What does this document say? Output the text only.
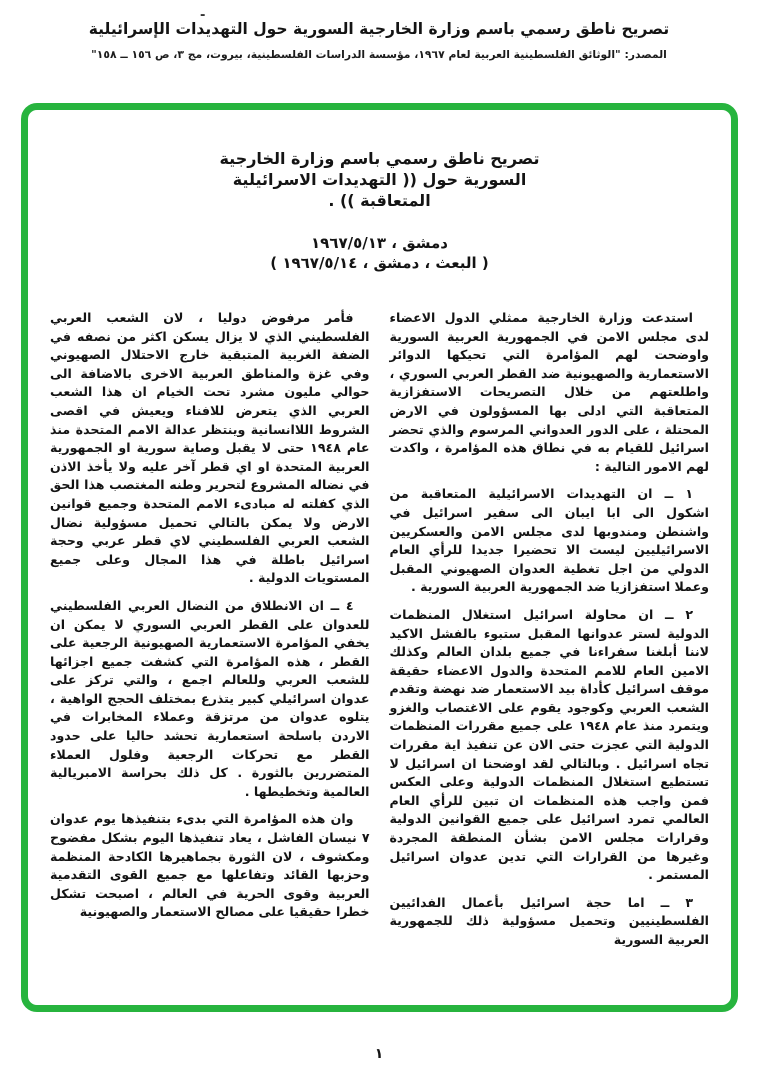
-
تصريح ناطق رسمي باسم وزارة الخارجية السورية حول التهديدات الإسرائيلية
المصدر: "الوثائق الفلسطينية العربية لعام ١٩٦٧، مؤسسة الدراسات الفلسطينية، بيروت، مج ٣، ص ١٥٦ ــ ١٥٨"
تصريح ناطق رسمي باسم وزارة الخارجية
السورية حول (( التهديدات الاسرائيلية
المتعاقبة )) .
دمشق ، ١٩٦٧/٥/١٣
( البعث ، دمشق ، ١٩٦٧/٥/١٤ )

استدعت وزارة الخارجية ممثلي الدول الاعضاء لدى مجلس الامن في الجمهورية العربية السورية واوضحت لهم المؤامرة التي تحيكها الدوائر الاستعمارية والصهيونية ضد القطر العربي السوري ، واطلعتهم من خلال التصريحات الاستفزازية المتعاقبة التي ادلى بها المسؤولون في الارض المحتلة ، على الدور العدواني المرسوم والذي تحضر اسرائيل للقيام به في نطاق هذه المؤامرة ، واكدت لهم الامور التالية :

١ ــ ان التهديدات الاسرائيلية المتعاقبة من اشكول الى ابا ايبان الى سفير اسرائيل في واشنطن ومندوبها لدى مجلس الامن والعسكريين الاسرائيليين ليست الا تحضيرا جديدا للرأي العام الدولي من اجل تغطية العدوان الصهيوني المقبل وعملا استفزازيا ضد الجمهورية العربية السورية .

٢ ــ ان محاولة اسرائيل استغلال المنظمات الدولية لستر عدوانها المقبل ستبوء بالفشل الاكيد لاننا أبلغنا سفراءنا في جميع بلدان العالم وكذلك الامين العام للامم المتحدة والدول الاعضاء حقيقة موقف اسرائيل كأداة بيد الاستعمار ضد نهضة وتقدم الشعب العربي وكوجود يقوم على الاغتصاب والغزو ويتمرد منذ عام ١٩٤٨ على جميع مقررات المنظمات الدولية التي عجزت حتى الان عن تنفيذ اية مقررات تجاه اسرائيل . وبالتالي لقد اوضحنا ان اسرائيل لا تستطيع استغلال المنظمات الدولية وعلى العكس فمن واجب هذه المنظمات ان تبين للرأي العام العالمي تمرد اسرائيل على جميع القوانين الدولية وقرارات مجلس الامن بشأن المنطقة المجردة وغيرها من القرارات التي تدين عدوان اسرائيل المستمر .

٣ ــ اما حجة اسرائيل بأعمال الفدائيين الفلسطينيين وتحميل مسؤولية ذلك للجمهورية العربية السورية

فأمر مرفوض دوليا ، لان الشعب العربي الفلسطيني الذي لا يزال يسكن اكثر من نصفه في الضفة الغربية المتبقية خارج الاحتلال الصهيوني وفي غزة والمناطق العربية الاخرى بالاضافة الى حوالي مليون مشرد تحت الخيام ان هذا الشعب العربي الذي يتعرض للافناء ويعيش في اقصى الشروط اللاانسانية وينتظر عدالة الامم المتحدة منذ عام ١٩٤٨ حتى لا يقبل وصاية سورية او الجمهورية العربية المتحدة او اي قطر آخر عليه ولا يأخذ الاذن في نضاله المشروع لتحرير وطنه المغتصب هذا الحق الذي كفلته له مبادىء الامم المتحدة وجميع قوانين الارض ولا يمكن بالتالي تحميل مسؤولية نضال الشعب العربي الفلسطيني لاي قطر عربي وحجة اسرائيل باطلة في هذا المجال وعلى جميع المستويات الدولية .

٤ ــ ان الانطلاق من النضال العربي الفلسطيني للعدوان على القطر العربي السوري لا يمكن ان يخفي المؤامرة الاستعمارية الصهيونية الرجعية على القطر ، هذه المؤامرة التي كشفت جميع اجزائها للشعب العربي وللعالم اجمع ، والتي تركز على عدوان اسرائيلي كبير يتذرع بمختلف الحجج الواهية ، يتلوه عدوان من مرتزقة وعملاء المخابرات في الاردن باسلحة استعمارية تحشد حاليا على حدود القطر مع تحركات الرجعية وفلول العملاء المتضررين بالثورة . كل ذلك بحراسة الامبريالية العالمية وتخطيطها .

وان هذه المؤامرة التي بدىء بتنفيذها يوم عدوان ٧ نيسان الفاشل ، يعاد تنفيذها اليوم بشكل مفضوح ومكشوف ، لان الثورة بجماهيرها الكادحة المنظمة وحزبها القائد وتفاعلها مع جميع القوى التقدمية العربية وقوى الحرية في العالم ، اصبحت تشكل خطرا حقيقيا على مصالح الاستعمار والصهيونية

١
